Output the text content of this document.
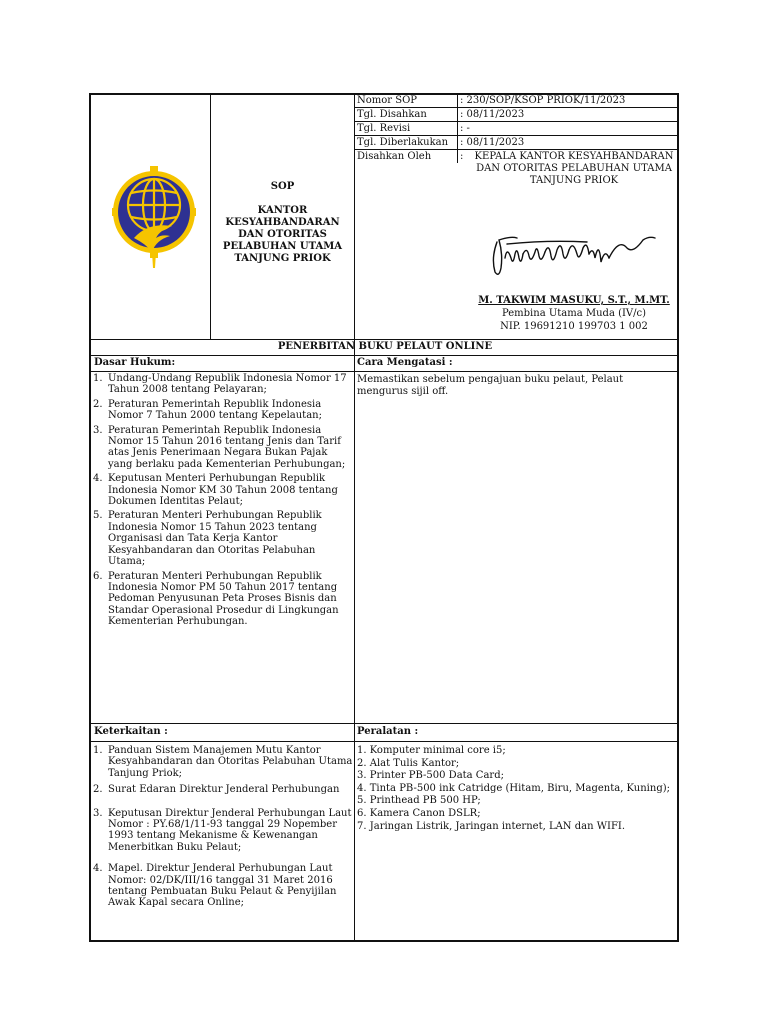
SOP
KANTOR KESYAHBANDARAN DAN OTORITAS PELABUHAN UTAMA TANJUNG PRIOK
Nomor SOP	: 230/SOP/KSOP PRIOK/11/2023
Tgl. Disahkan	: 08/11/2023
Tgl. Revisi	: -
Tgl. Diberlakukan : 08/11/2023
Disahkan Oleh	:	KEPALA KANTOR KESYAHBANDARAN DAN OTORITAS PELABUHAN UTAMA TANJUNG PRIOK
M. TAKWIM MASUKU, S.T., M.MT.
Pembina Utama Muda (IV/c)
NIP. 19691210 199703 1 002
PENERBITAN BUKU PELAUT ONLINE
Dasar Hukum:
1. Undang-Undang Republik Indonesia Nomor 17 Tahun 2008 tentang Pelayaran;
2. Peraturan Pemerintah Republik Indonesia Nomor 7 Tahun 2000 tentang Kepelautan;
3. Peraturan Pemerintah Republik Indonesia Nomor 15 Tahun 2016 tentang Jenis dan Tarif atas Jenis Penerimaan Negara Bukan Pajak yang berlaku pada Kementerian Perhubungan;
4. Keputusan Menteri Perhubungan Republik Indonesia Nomor KM 30 Tahun 2008 tentang Dokumen Identitas Pelaut;
5. Peraturan Menteri Perhubungan Republik Indonesia Nomor 15 Tahun 2023 tentang Organisasi dan Tata Kerja Kantor Kesyahbandaran dan Otoritas Pelabuhan Utama;
6. Peraturan Menteri Perhubungan Republik Indonesia Nomor PM 50 Tahun 2017 tentang Pedoman Penyusunan Peta Proses Bisnis dan Standar Operasional Prosedur di Lingkungan Kementerian Perhubungan.
Cara Mengatasi :
Memastikan sebelum pengajuan buku pelaut, Pelaut mengurus sijil off.
Keterkaitan :
1. Panduan Sistem Manajemen Mutu Kantor Kesyahbandaran dan Otoritas Pelabuhan Utama Tanjung Priok;
2. Surat Edaran Direktur Jenderal Perhubungan
3. Keputusan Direktur Jenderal Perhubungan Laut Nomor : PY.68/1/11-93 tanggal 29 Nopember 1993 tentang Mekanisme & Kewenangan Menerbitkan Buku Pelaut;
4. Mapel. Direktur Jenderal Perhubungan Laut Nomor: 02/DK/III/16 tanggal 31 Maret 2016 tentang Pembuatan Buku Pelaut & Penyijilan Awak Kapal secara Online;
Peralatan :
1. Komputer minimal core i5;
2. Alat Tulis Kantor;
3. Printer PB-500 Data Card;
4. Tinta PB-500 ink Catridge (Hitam, Biru, Magenta, Kuning);
5. Printhead PB 500 HP;
6. Kamera Canon DSLR;
7. Jaringan Listrik, Jaringan internet, LAN dan WIFI.
